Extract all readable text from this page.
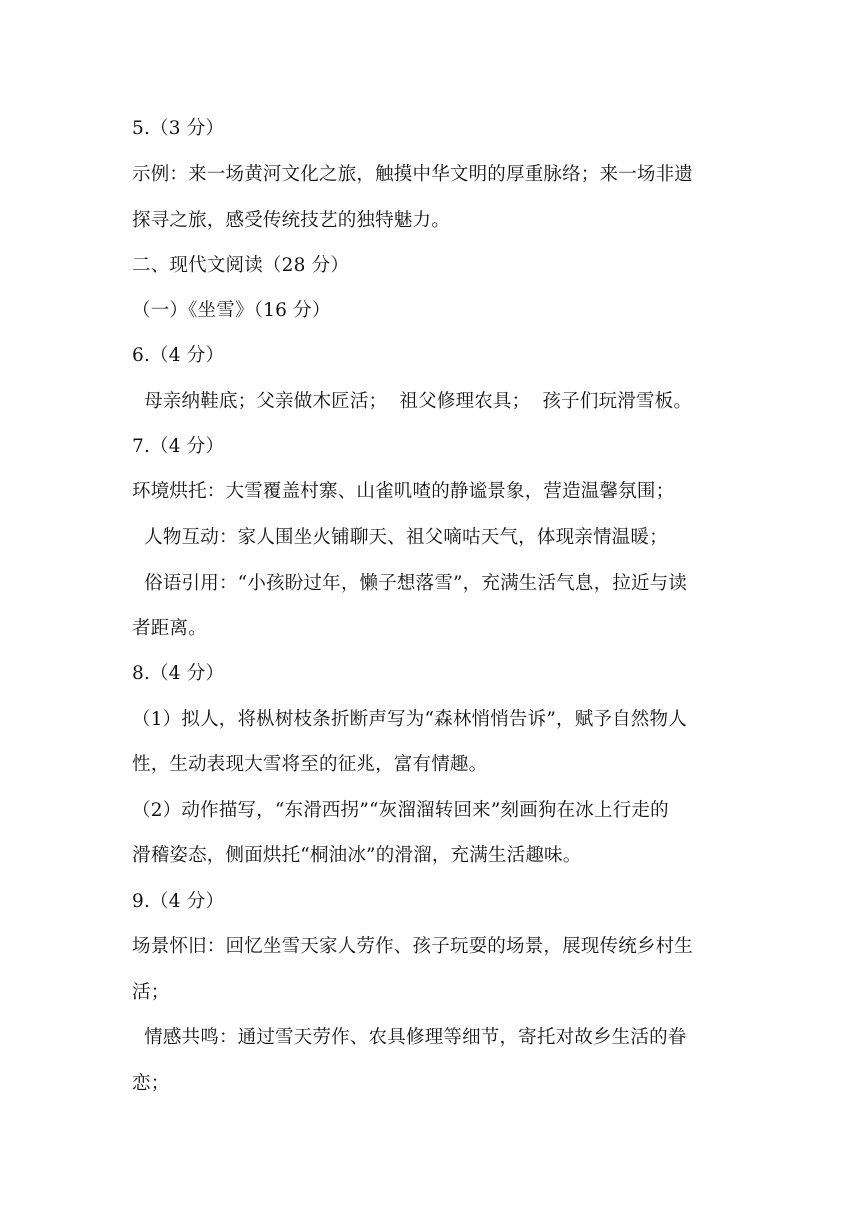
5.（3 分）
示例：来一场黄河文化之旅，触摸中华文明的厚重脉络；来一场非遗
探寻之旅，感受传统技艺的独特魅力。
二、现代文阅读（28 分）
（一）《坐雪》（16 分）
6.（4 分）
母亲纳鞋底；父亲做木匠活；  祖父修理农具；  孩子们玩滑雪板。
7.（4 分）
环境烘托：大雪覆盖村寨、山雀叽喳的静谧景象，营造温馨氛围；
人物互动：家人围坐火铺聊天、祖父嘀咕天气，体现亲情温暖；
俗语引用：“小孩盼过年，懒子想落雪”，充满生活气息，拉近与读
者距离。
8.（4 分）
（1）拟人，将枞树枝条折断声写为“森林悄悄告诉”，赋予自然物人
性，生动表现大雪将至的征兆，富有情趣。
（2）动作描写，“东滑西拐”“灰溜溜转回来”刻画狗在冰上行走的
滑稽姿态，侧面烘托“桐油冰”的滑溜，充满生活趣味。
9.（4 分）
场景怀旧：回忆坐雪天家人劳作、孩子玩耍的场景，展现传统乡村生
活；
情感共鸣：通过雪天劳作、农具修理等细节，寄托对故乡生活的眷
恋；
